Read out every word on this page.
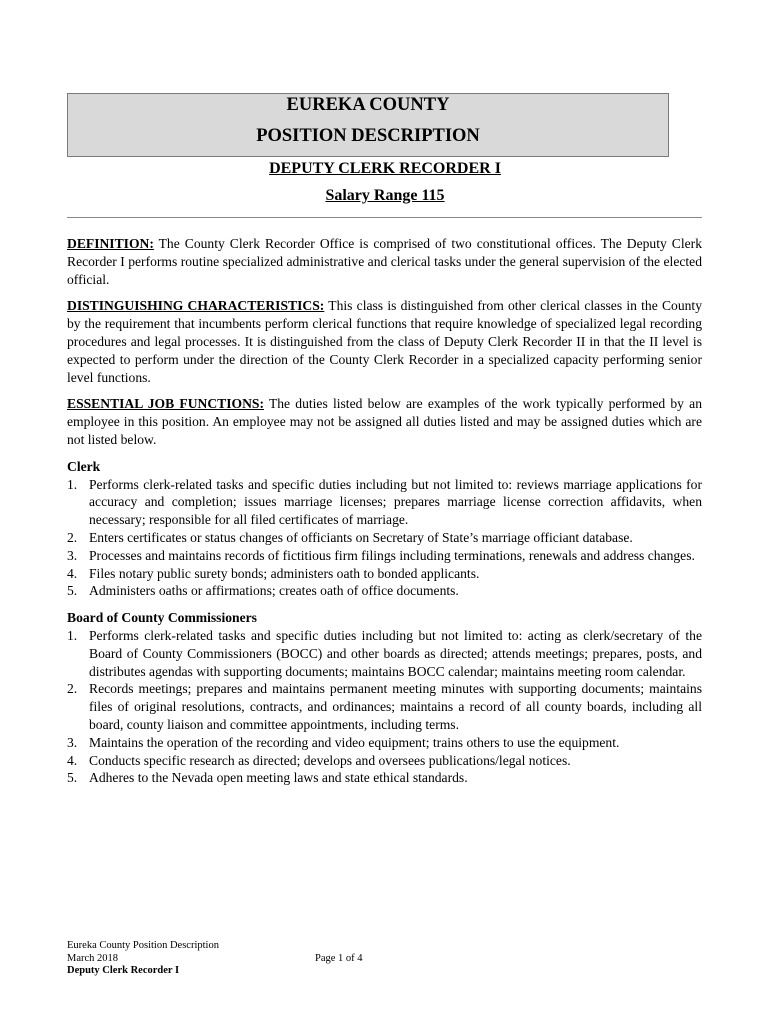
EUREKA COUNTY
POSITION DESCRIPTION
DEPUTY CLERK RECORDER I
Salary Range 115

DEFINITION: The County Clerk Recorder Office is comprised of two constitutional offices. The Deputy Clerk Recorder I performs routine specialized administrative and clerical tasks under the general supervision of the elected official.

DISTINGUISHING CHARACTERISTICS: This class is distinguished from other clerical classes in the County by the requirement that incumbents perform clerical functions that require knowledge of specialized legal recording procedures and legal processes. It is distinguished from the class of Deputy Clerk Recorder II in that the II level is expected to perform under the direction of the County Clerk Recorder in a specialized capacity performing senior level functions.

ESSENTIAL JOB FUNCTIONS: The duties listed below are examples of the work typically performed by an employee in this position. An employee may not be assigned all duties listed and may be assigned duties which are not listed below.

Clerk

1. Performs clerk-related tasks and specific duties including but not limited to: reviews marriage applications for accuracy and completion; issues marriage licenses; prepares marriage license correction affidavits, when necessary; responsible for all filed certificates of marriage.
2. Enters certificates or status changes of officiants on Secretary of State’s marriage officiant database.
3. Processes and maintains records of fictitious firm filings including terminations, renewals and address changes.
4. Files notary public surety bonds; administers oath to bonded applicants.
5. Administers oaths or affirmations; creates oath of office documents.

Board of County Commissioners

1. Performs clerk-related tasks and specific duties including but not limited to: acting as clerk/secretary of the Board of County Commissioners (BOCC) and other boards as directed; attends meetings; prepares, posts, and distributes agendas with supporting documents; maintains BOCC calendar; maintains meeting room calendar.
2. Records meetings; prepares and maintains permanent meeting minutes with supporting documents; maintains files of original resolutions, contracts, and ordinances; maintains a record of all county boards, including all board, county liaison and committee appointments, including terms.
3. Maintains the operation of the recording and video equipment; trains others to use the equipment.
4. Conducts specific research as directed; develops and oversees publications/legal notices.
5. Adheres to the Nevada open meeting laws and state ethical standards.
Eureka County Position Description
March 2018
Deputy Clerk Recorder I
Page 1 of 4
